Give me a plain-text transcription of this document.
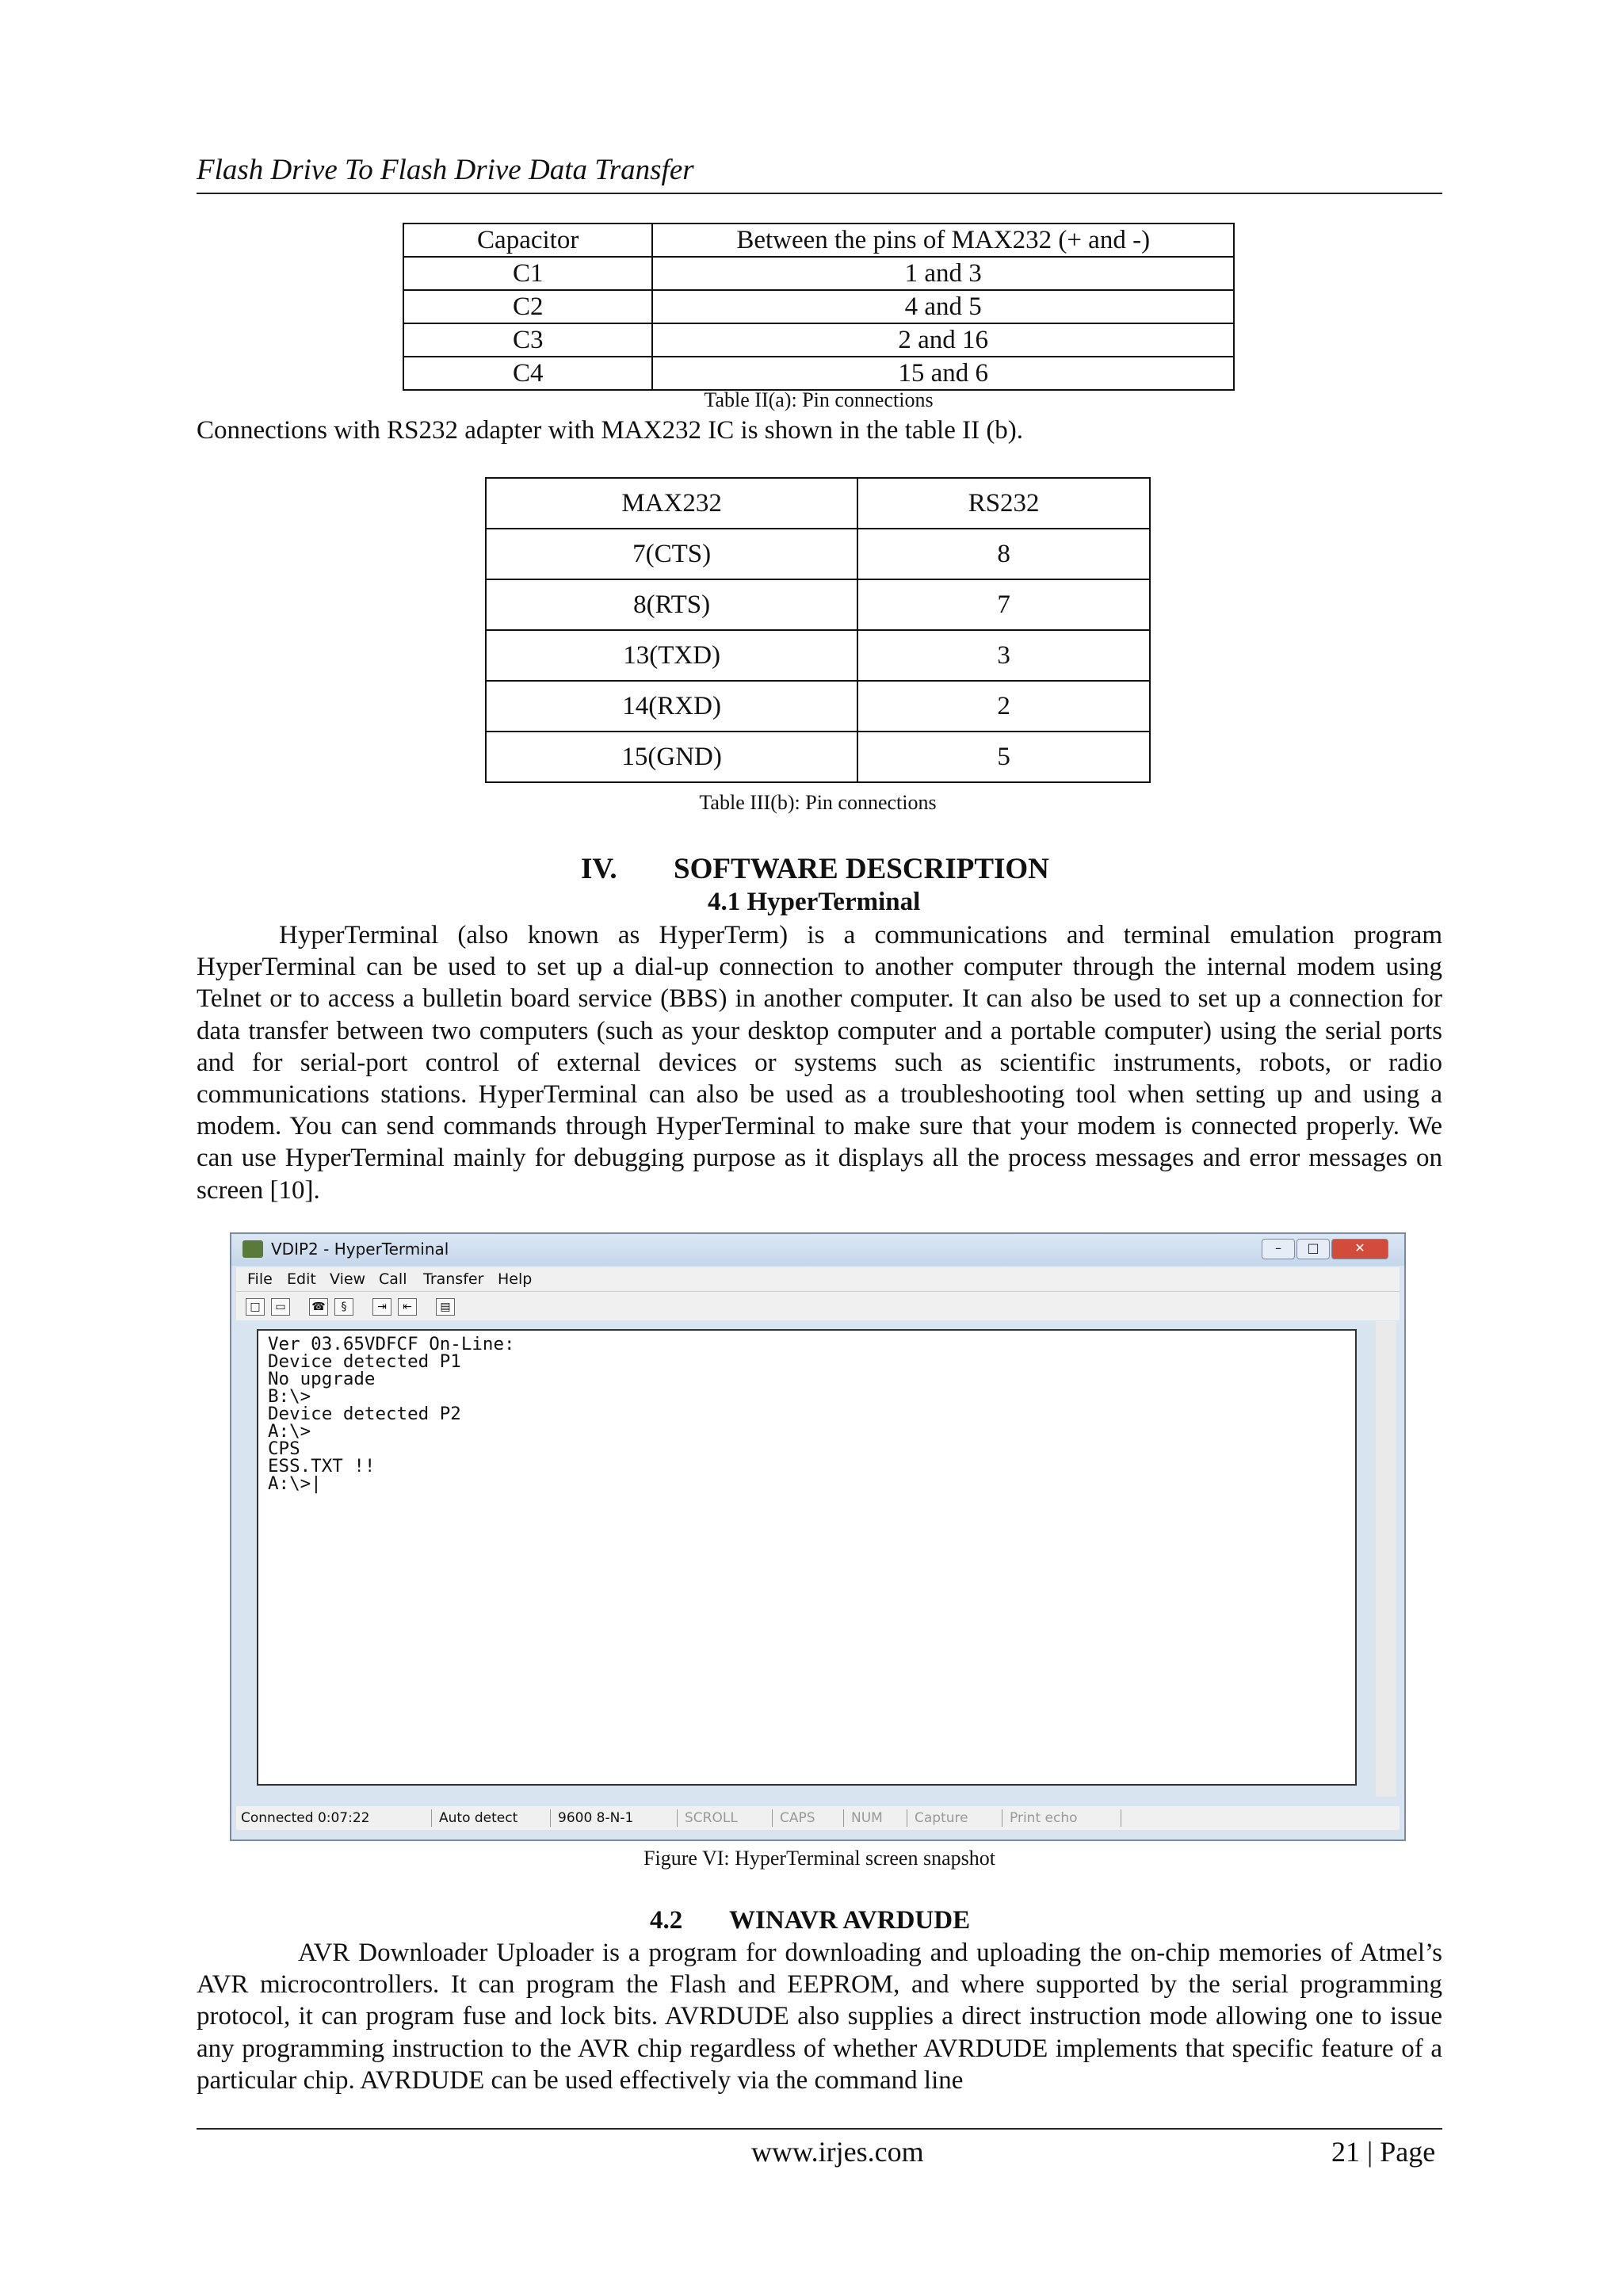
Flash Drive To Flash Drive Data Transfer
Capacitor	Between the pins of MAX232 (+ and -)
C1	1 and 3
C2	4 and 5
C3	2 and 16
C4	15 and 6
Table II(a): Pin connections
Connections with RS232 adapter with MAX232 IC is shown in the table II (b).
MAX232	RS232
7(CTS)	8
8(RTS)	7
13(TXD)	3
14(RXD)	2
15(GND)	5
Table III(b): Pin connections
IV. SOFTWARE DESCRIPTION
4.1 HyperTerminal
HyperTerminal (also known as HyperTerm) is a communications and terminal emulation program HyperTerminal can be used to set up a dial-up connection to another computer through the internal modem using Telnet or to access a bulletin board service (BBS) in another computer. It can also be used to set up a connection for data transfer between two computers (such as your desktop computer and a portable computer) using the serial ports and for serial-port control of external devices or systems such as scientific instruments, robots, or radio communications stations. HyperTerminal can also be used as a troubleshooting tool when setting up and using a modem. You can send commands through HyperTerminal to make sure that your modem is connected properly. We can use HyperTerminal mainly for debugging purpose as it displays all the process messages and error messages on screen [10].
VDIP2 - HyperTerminal	–	□	✕
File Edit View Call Transfer Help
□	▭	☎	§	⇥	⇤	▤
Ver 03.65VDFCF On-Line:
Device detected P1
No upgrade
B:\>
Device detected P2
A:\>
CPS
ESS.TXT !!
A:\>|
Connected 0:07:22	Auto detect	9600 8-N-1	SCROLL	CAPS	NUM	Capture	Print echo
Figure VI: HyperTerminal screen snapshot
4.2 WINAVR AVRDUDE
AVR Downloader Uploader is a program for downloading and uploading the on-chip memories of Atmel’s AVR microcontrollers. It can program the Flash and EEPROM, and where supported by the serial programming protocol, it can program fuse and lock bits. AVRDUDE also supplies a direct instruction mode allowing one to issue any programming instruction to the AVR chip regardless of whether AVRDUDE implements that specific feature of a particular chip. AVRDUDE can be used effectively via the command line
www.irjes.com	21 | Page
